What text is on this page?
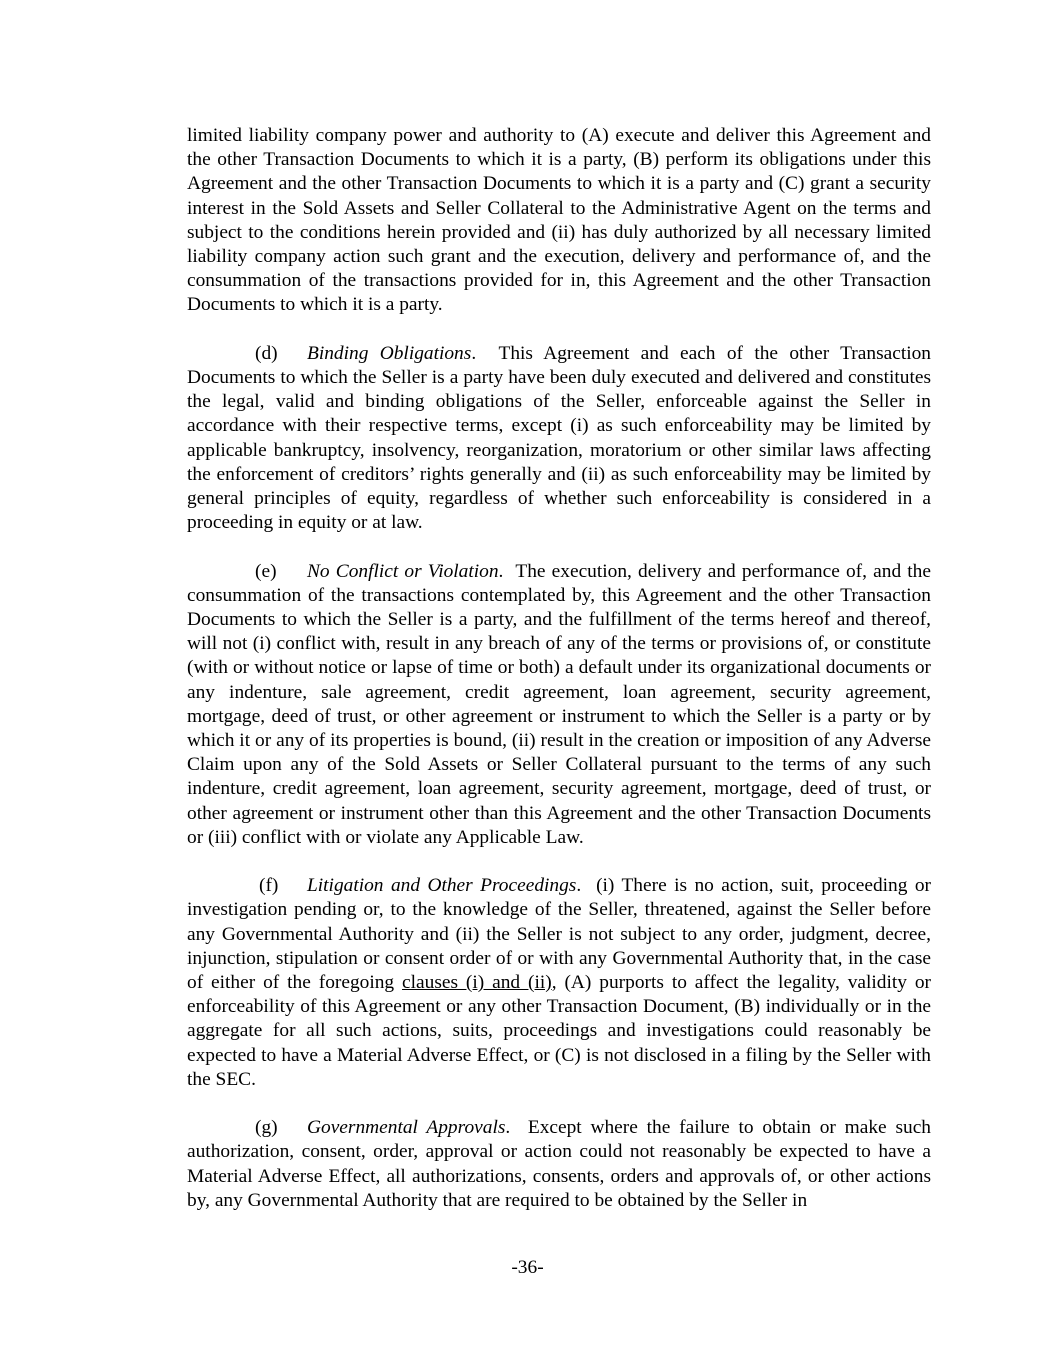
limited liability company power and authority to (A) execute and deliver this Agreement and the other Transaction Documents to which it is a party, (B) perform its obligations under this Agreement and the other Transaction Documents to which it is a party and (C) grant a security interest in the Sold Assets and Seller Collateral to the Administrative Agent on the terms and subject to the conditions herein provided and (ii) has duly authorized by all necessary limited liability company action such grant and the execution, delivery and performance of, and the consummation of the transactions provided for in, this Agreement and the other Transaction Documents to which it is a party.

(d) Binding Obligations.  This Agreement and each of the other Transaction Documents to which the Seller is a party have been duly executed and delivered and constitutes the legal, valid and binding obligations of the Seller, enforceable against the Seller in accordance with their respective terms, except (i) as such enforceability may be limited by applicable bankruptcy, insolvency, reorganization, moratorium or other similar laws affecting the enforcement of creditors’ rights generally and (ii) as such enforceability may be limited by general principles of equity, regardless of whether such enforceability is considered in a proceeding in equity or at law.

(e) No Conflict or Violation.  The execution, delivery and performance of, and the consummation of the transactions contemplated by, this Agreement and the other Transaction Documents to which the Seller is a party, and the fulfillment of the terms hereof and thereof, will not (i) conflict with, result in any breach of any of the terms or provisions of, or constitute (with or without notice or lapse of time or both) a default under its organizational documents or any indenture, sale agreement, credit agreement, loan agreement, security agreement, mortgage, deed of trust, or other agreement or instrument to which the Seller is a party or by which it or any of its properties is bound, (ii) result in the creation or imposition of any Adverse Claim upon any of the Sold Assets or Seller Collateral pursuant to the terms of any such indenture, credit agreement, loan agreement, security agreement, mortgage, deed of trust, or other agreement or instrument other than this Agreement and the other Transaction Documents or (iii) conflict with or violate any Applicable Law.

(f) Litigation and Other Proceedings.  (i) There is no action, suit, proceeding or investigation pending or, to the knowledge of the Seller, threatened, against the Seller before any Governmental Authority and (ii) the Seller is not subject to any order, judgment, decree, injunction, stipulation or consent order of or with any Governmental Authority that, in the case of either of the foregoing clauses (i) and (ii), (A) purports to affect the legality, validity or enforceability of this Agreement or any other Transaction Document, (B) individually or in the aggregate for all such actions, suits, proceedings and investigations could reasonably be expected to have a Material Adverse Effect, or (C) is not disclosed in a filing by the Seller with the SEC.

(g) Governmental Approvals.  Except where the failure to obtain or make such authorization, consent, order, approval or action could not reasonably be expected to have a Material Adverse Effect, all authorizations, consents, orders and approvals of, or other actions by, any Governmental Authority that are required to be obtained by the Seller in

-36-
